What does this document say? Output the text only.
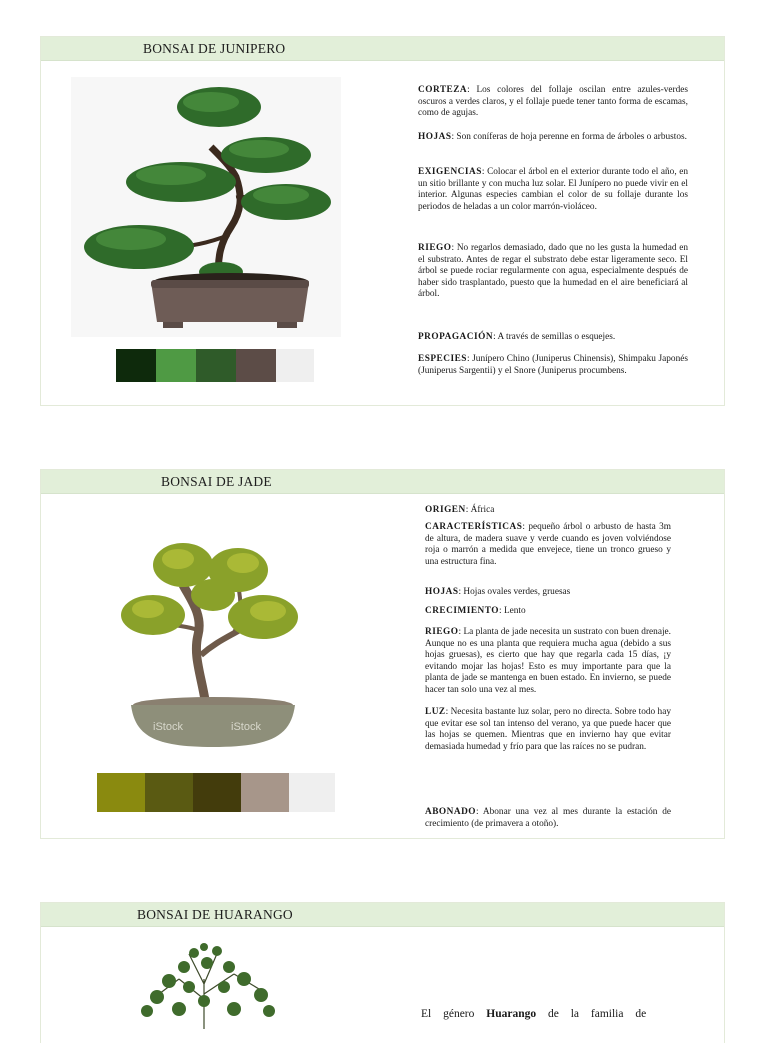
BONSAI DE JUNIPERO

CORTEZA: Los colores del follaje oscilan entre azules-verdes oscuros a verdes claros, y el follaje puede tener tanto forma de escamas, como de agujas.

HOJAS: Son coníferas de hoja perenne en forma de árboles o arbustos.

EXIGENCIAS: Colocar el árbol en el exterior durante todo el año, en un sitio brillante y con mucha luz solar. El Junípero no puede vivir en el interior. Algunas especies cambian el color de su follaje durante los periodos de heladas a un color marrón-violáceo.

RIEGO: No regarlos demasiado, dado que no les gusta la humedad en el substrato. Antes de regar el substrato debe estar ligeramente seco. El árbol se puede rociar regularmente con agua, especialmente después de haber sido trasplantado, puesto que la humedad en el aire beneficiará al árbol.

PROPAGACIÓN: A través de semillas o esquejes.

ESPECIES: Junípero Chino (Juniperus Chinensis), Shimpaku Japonés (Juniperus Sargentii) y el Snore (Juniperus procumbens.

BONSAI DE JADE
iStock	iStock

ORIGEN: África

CARACTERÍSTICAS: pequeño árbol o arbusto de hasta 3m de altura, de madera suave y verde cuando es joven volviéndose roja o marrón a medida que envejece, tiene un tronco grueso y una estructura fina.

HOJAS: Hojas ovales verdes, gruesas

CRECIMIENTO: Lento

RIEGO: La planta de jade necesita un sustrato con buen drenaje. Aunque no es una planta que requiera mucha agua (debido a sus hojas gruesas), es cierto que hay que regarla cada 15 días, ¡y evitando mojar las hojas! Esto es muy importante para que la planta de jade se mantenga en buen estado. En invierno, se puede hacer tan solo una vez al mes.

LUZ: Necesita bastante luz solar, pero no directa. Sobre todo hay que evitar ese sol tan intenso del verano, ya que puede hacer que las hojas se quemen. Mientras que en invierno hay que evitar demasiada humedad y frío para que las raíces no se pudran.

ABONADO: Abonar una vez al mes durante la estación de crecimiento (de primavera a otoño).

BONSAI DE HUARANGO

El género Huarango de la familia de
